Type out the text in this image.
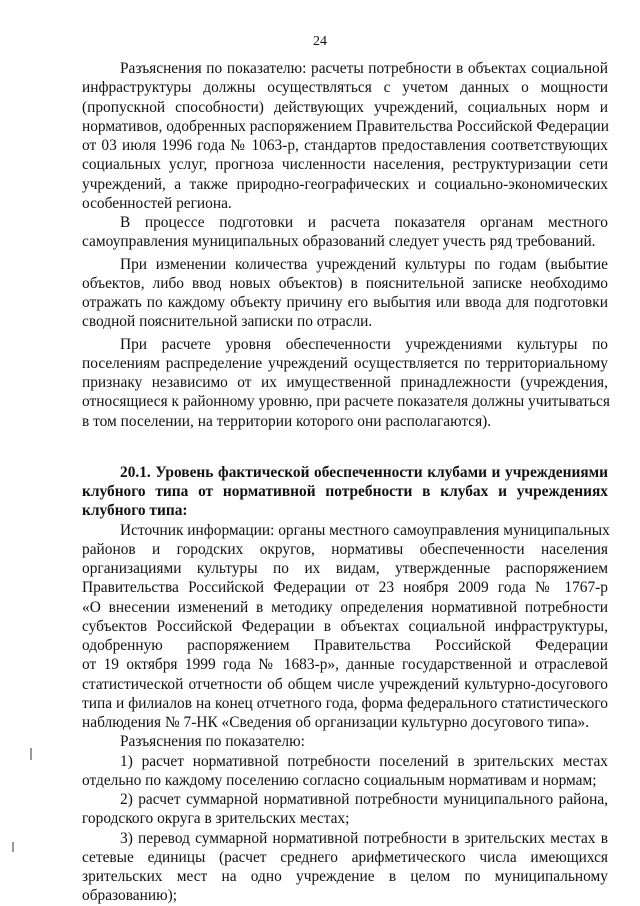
24
Разъяснения по показателю: расчеты потребности в объектах социальной
инфраструктуры должны осуществляться с учетом данных о мощности
(пропускной способности) действующих учреждений, социальных норм и
нормативов, одобренных распоряжением Правительства Российской Федерации
от 03 июля 1996 года № 1063-р, стандартов предоставления соответствующих
социальных услуг, прогноза численности населения, реструктуризации сети
учреждений, а также природно-географических и социально-экономических
особенностей региона.
В процессе подготовки и расчета показателя органам местного
самоуправления муниципальных образований следует учесть ряд требований.
При изменении количества учреждений культуры по годам (выбытие
объектов, либо ввод новых объектов) в пояснительной записке необходимо
отражать по каждому объекту причину его выбытия или ввода для подготовки
сводной пояснительной записки по отрасли.
При расчете уровня обеспеченности учреждениями культуры по
поселениям распределение учреждений осуществляется по территориальному
признаку независимо от их имущественной принадлежности (учреждения,
относящиеся к районному уровню, при расчете показателя должны учитываться
в том поселении, на территории которого они располагаются).
20.1. Уровень фактической обеспеченности клубами и учреждениями
клубного типа от нормативной потребности в клубах и учреждениях
клубного типа:
Источник информации: органы местного самоуправления муниципальных
районов и городских округов, нормативы обеспеченности населения
организациями культуры по их видам, утвержденные распоряжением
Правительства Российской Федерации от 23 ноября 2009 года № 1767-р
«О внесении изменений в методику определения нормативной потребности
субъектов Российской Федерации в объектах социальной инфраструктуры,
одобренную распоряжением Правительства Российской Федерации
от 19 октября 1999 года № 1683-р», данные государственной и отраслевой
статистической отчетности об общем числе учреждений культурно-досугового
типа и филиалов на конец отчетного года, форма федерального статистического
наблюдения № 7-НК «Сведения об организации культурно досугового типа».
Разъяснения по показателю:
1) расчет нормативной потребности поселений в зрительских местах
отдельно по каждому поселению согласно социальным нормативам и нормам;
2) расчет суммарной нормативной потребности муниципального района,
городского округа в зрительских местах;
3) перевод суммарной нормативной потребности в зрительских местах в
сетевые единицы (расчет среднего арифметического числа имеющихся
зрительских мест на одно учреждение в целом по муниципальному
образованию);
